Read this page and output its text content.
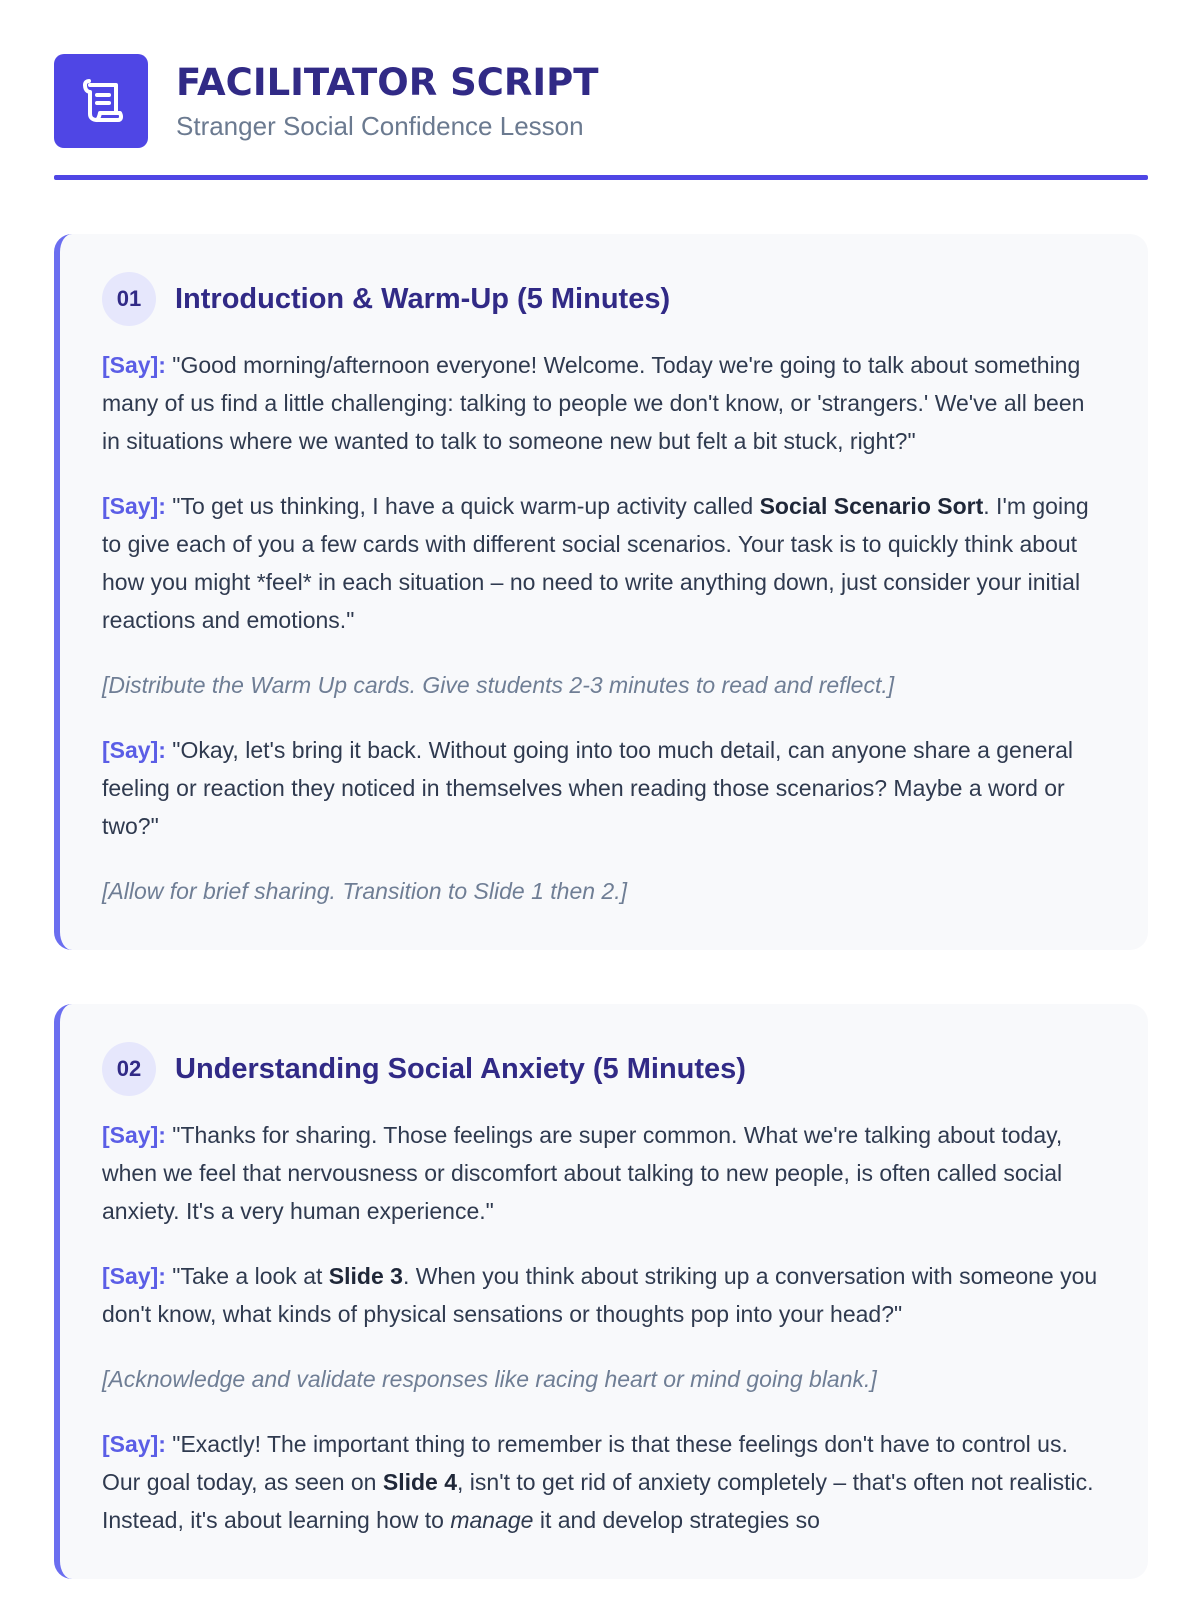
FACILITATOR SCRIPT
Stranger Social Confidence Lesson
01	Introduction & Warm-Up (5 Minutes)

[Say]: "Good morning/afternoon everyone! Welcome. Today we're going to talk about something many of us find a little challenging: talking to people we don't know, or 'strangers.' We've all been in situations where we wanted to talk to someone new but felt a bit stuck, right?"

[Say]: "To get us thinking, I have a quick warm-up activity called Social Scenario Sort. I'm going to give each of you a few cards with different social scenarios. Your task is to quickly think about how you might *feel* in each situation – no need to write anything down, just consider your initial reactions and emotions."

[Distribute the Warm Up cards. Give students 2-3 minutes to read and reflect.]

[Say]: "Okay, let's bring it back. Without going into too much detail, can anyone share a general feeling or reaction they noticed in themselves when reading those scenarios? Maybe a word or two?"

[Allow for brief sharing. Transition to Slide 1 then 2.]

02	Understanding Social Anxiety (5 Minutes)

[Say]: "Thanks for sharing. Those feelings are super common. What we're talking about today, when we feel that nervousness or discomfort about talking to new people, is often called social anxiety. It's a very human experience."

[Say]: "Take a look at Slide 3. When you think about striking up a conversation with someone you don't know, what kinds of physical sensations or thoughts pop into your head?"

[Acknowledge and validate responses like racing heart or mind going blank.]

[Say]: "Exactly! The important thing to remember is that these feelings don't have to control us. Our goal today, as seen on Slide 4, isn't to get rid of anxiety completely – that's often not realistic. Instead, it's about learning how to manage it and develop strategies so
